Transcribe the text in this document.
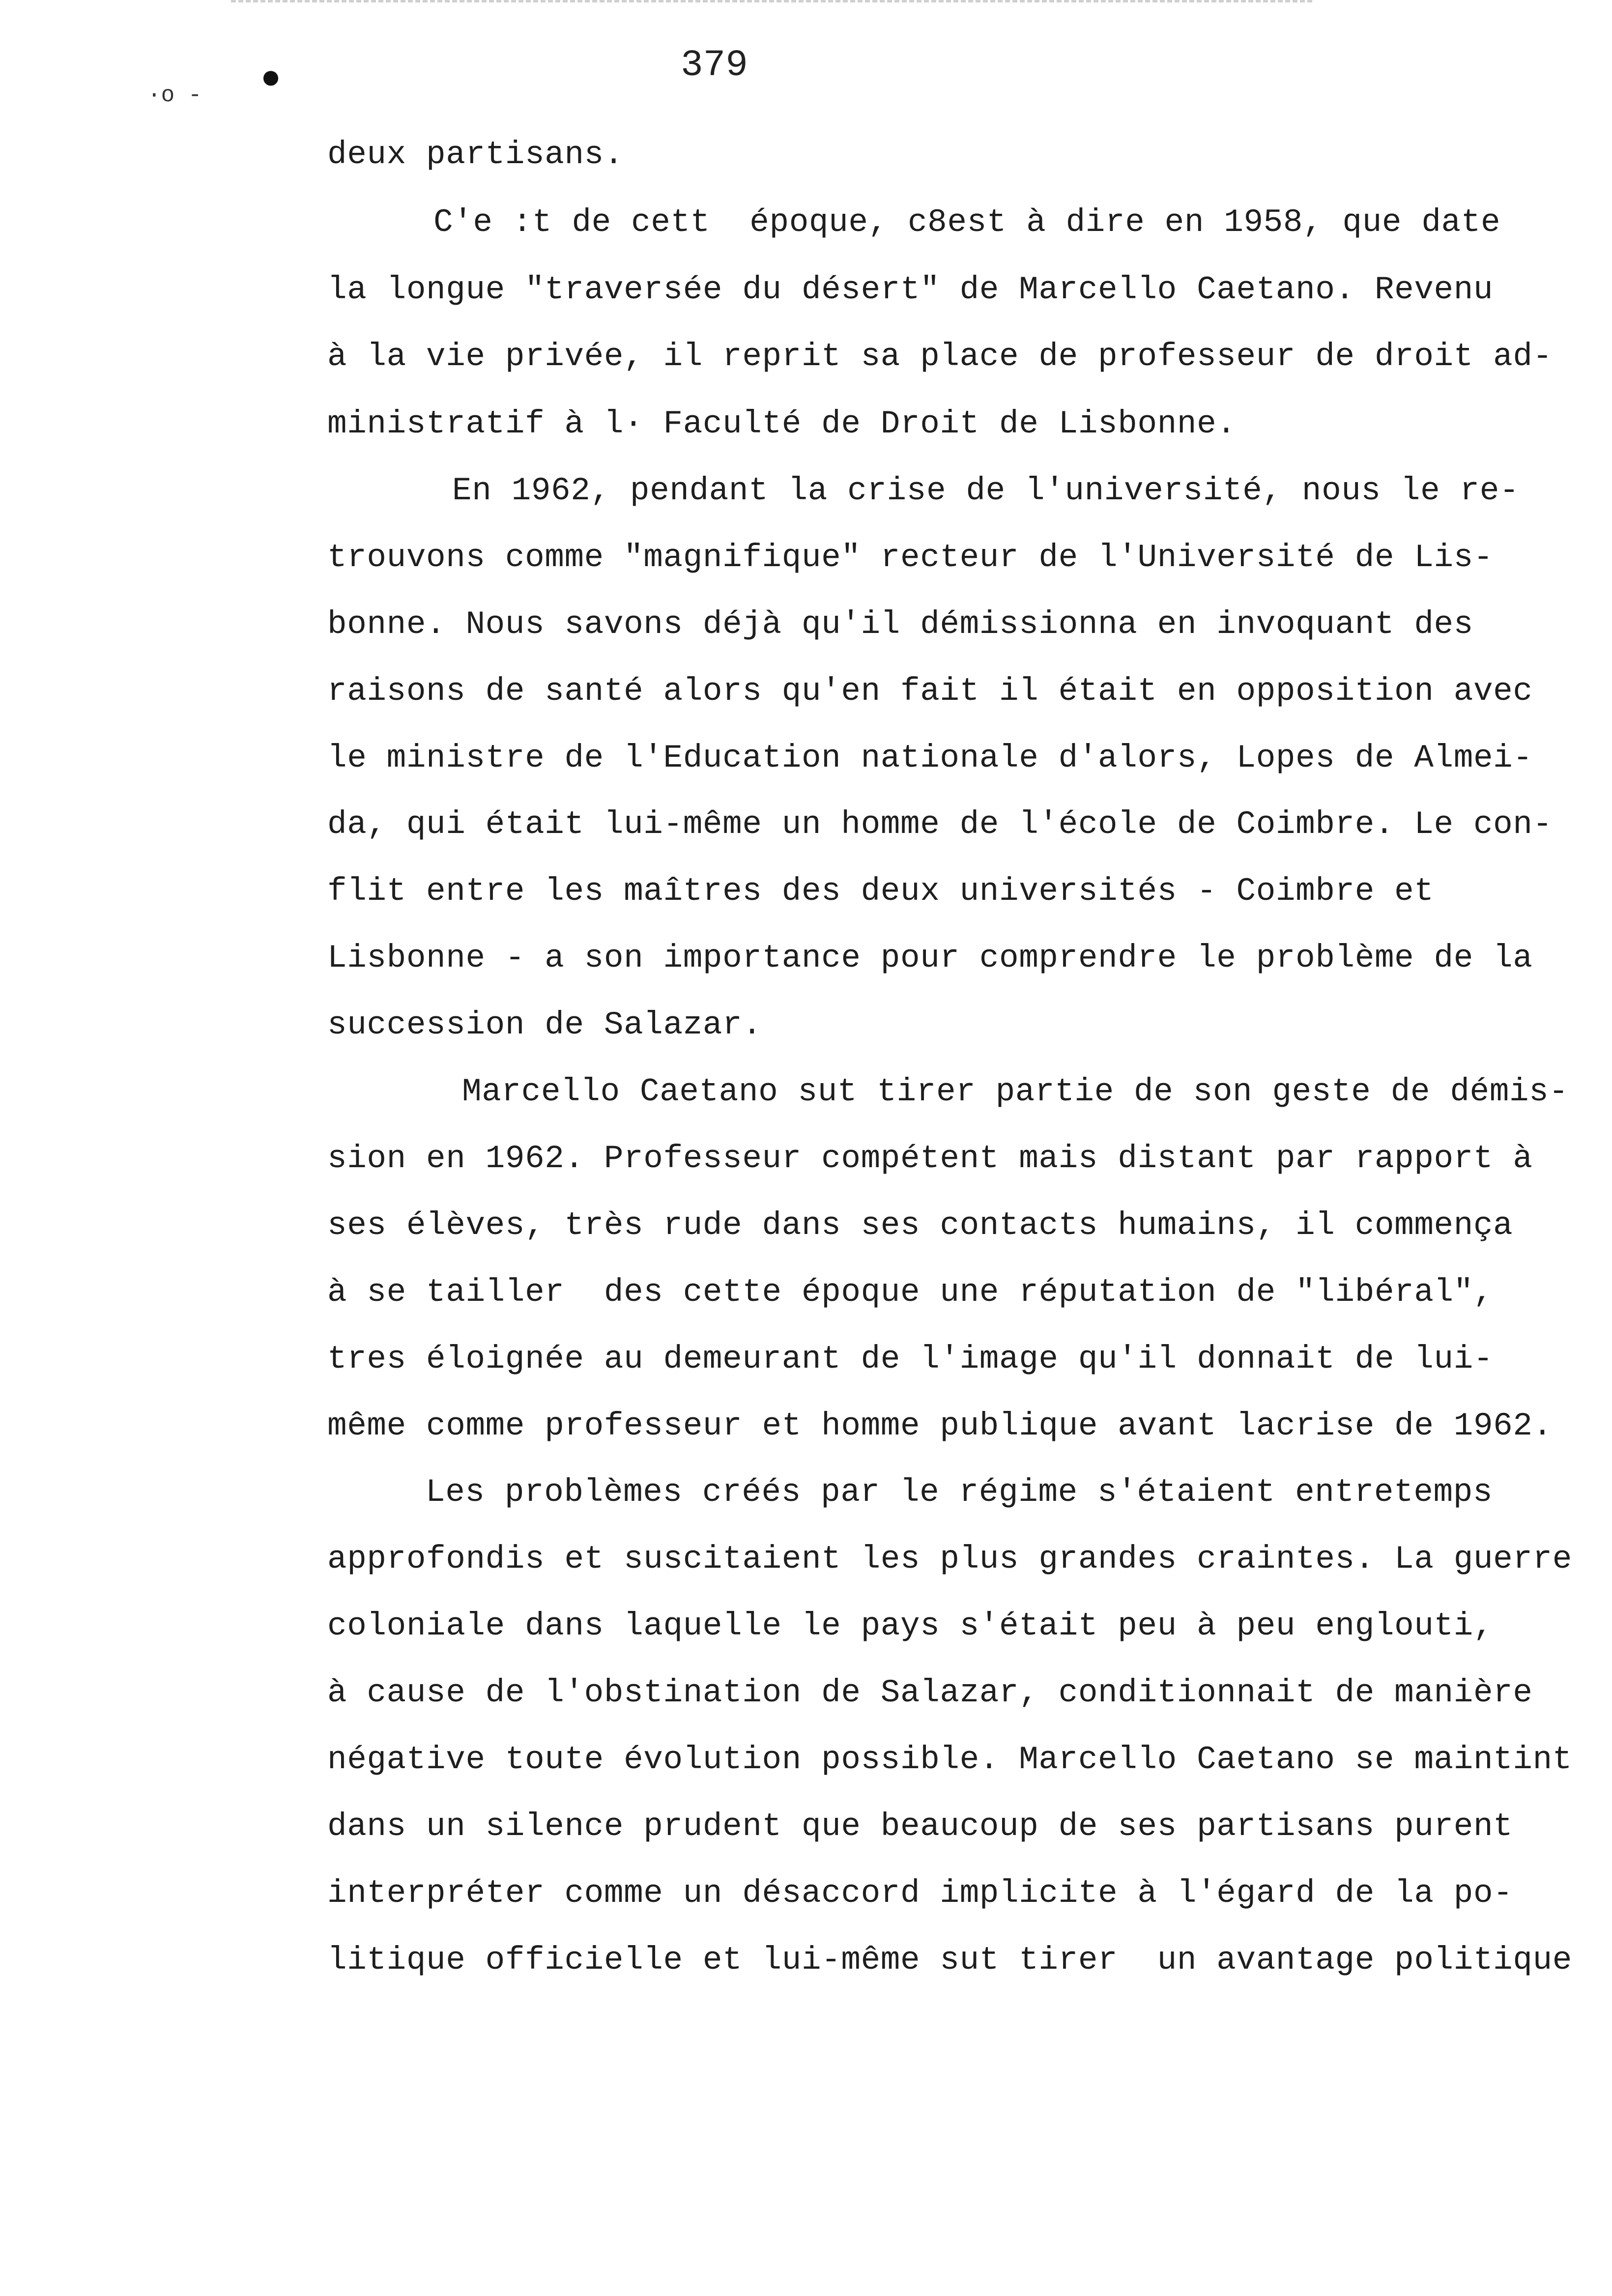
379
·o - ●

deux partisans.

C'e :t de cett  époque, c8est à dire en 1958, que date

la longue "traversée du désert" de Marcello Caetano. Revenu

à la vie privée, il reprit sa place de professeur de droit ad-

ministratif à l· Faculté de Droit de Lisbonne.

En 1962, pendant la crise de l'université, nous le re-

trouvons comme "magnifique" recteur de l'Université de Lis-

bonne. Nous savons déjà qu'il démissionna en invoquant des

raisons de santé alors qu'en fait il était en opposition avec

le ministre de l'Education nationale d'alors, Lopes de Almei-

da, qui était lui-même un homme de l'école de Coimbre. Le con-

flit entre les maîtres des deux universités - Coimbre et

Lisbonne - a son importance pour comprendre le problème de la

succession de Salazar.

Marcello Caetano sut tirer partie de son geste de démis-

sion en 1962. Professeur compétent mais distant par rapport à

ses élèves, très rude dans ses contacts humains, il commença

à se tailler  des cette époque une réputation de "libéral",

tres éloignée au demeurant de l'image qu'il donnait de lui-

même comme professeur et homme publique avant lacrise de 1962.

Les problèmes créés par le régime s'étaient entretemps

approfondis et suscitaient les plus grandes craintes. La guerre

coloniale dans laquelle le pays s'était peu à peu englouti,

à cause de l'obstination de Salazar, conditionnait de manière

négative toute évolution possible. Marcello Caetano se maintint

dans un silence prudent que beaucoup de ses partisans purent

interpréter comme un désaccord implicite à l'égard de la po-

litique officielle et lui-même sut tirer  un avantage politique
